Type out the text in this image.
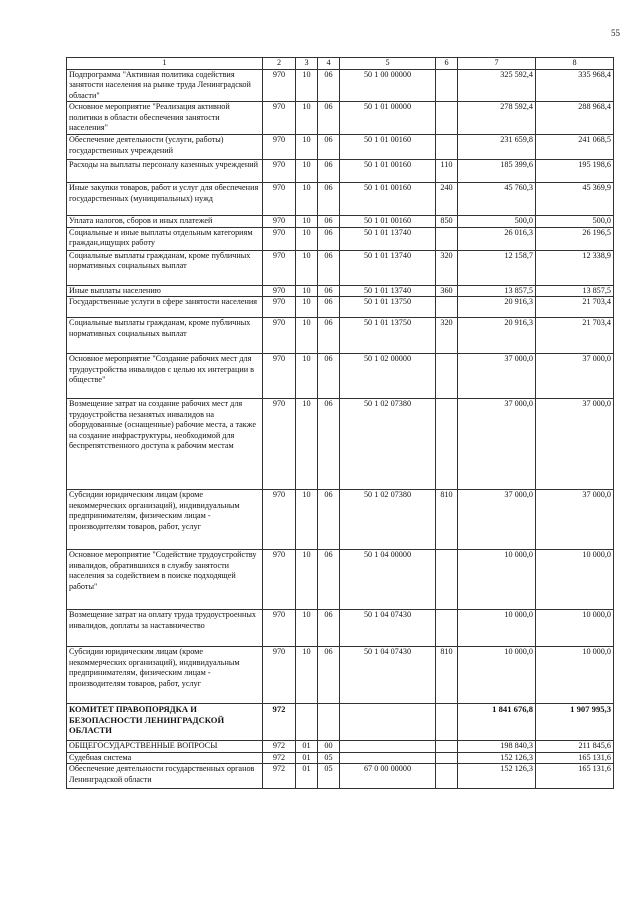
55
1	2	3	4	5	6	7	8
Подпрограмма "Активная политика содействия занятости населения на рынке труда Ленинградской области"	970	10	06	50 1 00 00000		325 592,4	335 968,4
Основное мероприятие "Реализация активной политики в области обеспечения занятости населения"	970	10	06	50 1 01 00000		278 592,4	288 968,4
Обеспечение деятельности (услуги, работы) государственных учреждений	970	10	06	50 1 01 00160		231 659,8	241 068,5
Расходы на выплаты персоналу казенных учреждений	970	10	06	50 1 01 00160	110	185 399,6	195 198,6
Иные закупки товаров, работ и услуг для обеспечения государственных (муниципальных) нужд	970	10	06	50 1 01 00160	240	45 760,3	45 369,9
Уплата налогов, сборов и иных платежей	970	10	06	50 1 01 00160	850	500,0	500,0
Социальные и иные выплаты отдельным категориям граждан,ищущих работу	970	10	06	50 1 01 13740		26 016,3	26 196,5
Социальные выплаты гражданам, кроме публичных нормативных социальных выплат	970	10	06	50 1 01 13740	320	12 158,7	12 338,9
Иные выплаты населению	970	10	06	50 1 01 13740	360	13 857,5	13 857,5
Государственные услуги в сфере занятости населения	970	10	06	50 1 01 13750		20 916,3	21 703,4
Социальные выплаты гражданам, кроме публичных нормативных социальных выплат	970	10	06	50 1 01 13750	320	20 916,3	21 703,4
Основное мероприятие "Создание рабочих мест для трудоустройства инвалидов с целью их интеграции в обществе"	970	10	06	50 1 02 00000		37 000,0	37 000,0
Возмещение затрат на создание рабочих мест для трудоустройства незанятых инвалидов на оборудованные (оснащенные) рабочие места, а также на создание инфраструктуры, необходимой для беспрепятственного доступа к рабочим местам	970	10	06	50 1 02 07380		37 000,0	37 000,0
Субсидии юридическим лицам (кроме некоммерческих организаций), индивидуальным предпринимателям, физическим лицам - производителям товаров, работ, услуг	970	10	06	50 1 02 07380	810	37 000,0	37 000,0
Основное мероприятие "Содействие трудоустройству инвалидов, обратившихся в службу занятости населения за содействием в поиске подходящей работы"	970	10	06	50 1 04 00000		10 000,0	10 000,0
Возмещение затрат на оплату труда трудоустроенных инвалидов, доплаты за наставничество	970	10	06	50 1 04 07430		10 000,0	10 000,0
Субсидии юридическим лицам (кроме некоммерческих организаций), индивидуальным предпринимателям, физическим лицам - производителям товаров, работ, услуг	970	10	06	50 1 04 07430	810	10 000,0	10 000,0
КОМИТЕТ ПРАВОПОРЯДКА И БЕЗОПАСНОСТИ ЛЕНИНГРАДСКОЙ ОБЛАСТИ	972					1 841 676,8	1 907 995,3
ОБЩЕГОСУДАРСТВЕННЫЕ ВОПРОСЫ	972	01	00			198 840,3	211 845,6
Судебная система	972	01	05			152 126,3	165 131,6
Обеспечение деятельности государственных органов Ленинградской области	972	01	05	67 0 00 00000		152 126,3	165 131,6
